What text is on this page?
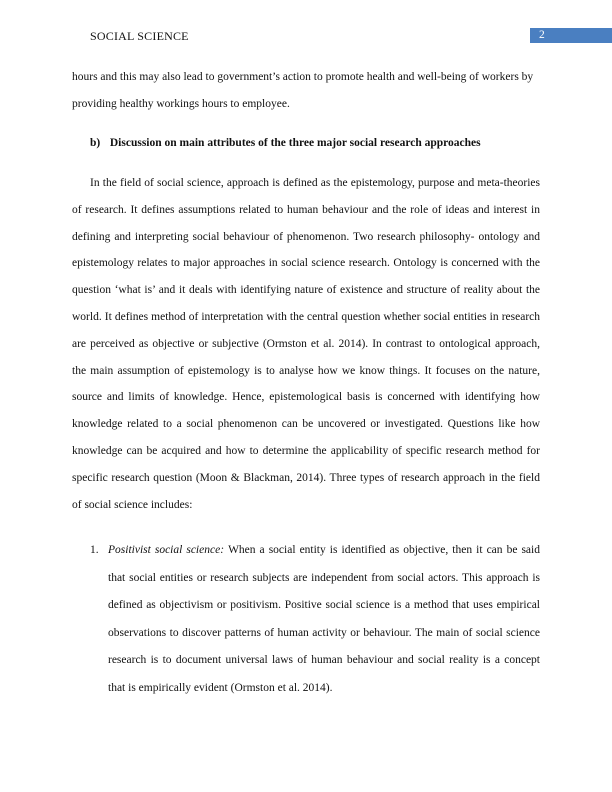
SOCIAL SCIENCE	2
hours and this may also lead to government’s action to promote health and well-being of workers by providing healthy workings hours to employee.
b) Discussion on main attributes of the three major social research approaches
In the field of social science, approach is defined as the epistemology, purpose and meta-theories of research. It defines assumptions related to human behaviour and the role of ideas and interest in defining and interpreting social behaviour of phenomenon. Two research philosophy- ontology and epistemology relates to major approaches in social science research. Ontology is concerned with the question ‘what is’ and it deals with identifying nature of existence and structure of reality about the world. It defines method of interpretation with the central question whether social entities in research are perceived as objective or subjective (Ormston et al. 2014). In contrast to ontological approach, the main assumption of epistemology is to analyse how we know things. It focuses on the nature, source and limits of knowledge. Hence, epistemological basis is concerned with identifying how knowledge related to a social phenomenon can be uncovered or investigated. Questions like how knowledge can be acquired and how to determine the applicability of specific research method for specific research question (Moon & Blackman, 2014). Three types of research approach in the field of social science includes:
1. Positivist social science: When a social entity is identified as objective, then it can be said that social entities or research subjects are independent from social actors. This approach is defined as objectivism or positivism. Positive social science is a method that uses empirical observations to discover patterns of human activity or behaviour. The main of social science research is to document universal laws of human behaviour and social reality is a concept that is empirically evident (Ormston et al. 2014).
